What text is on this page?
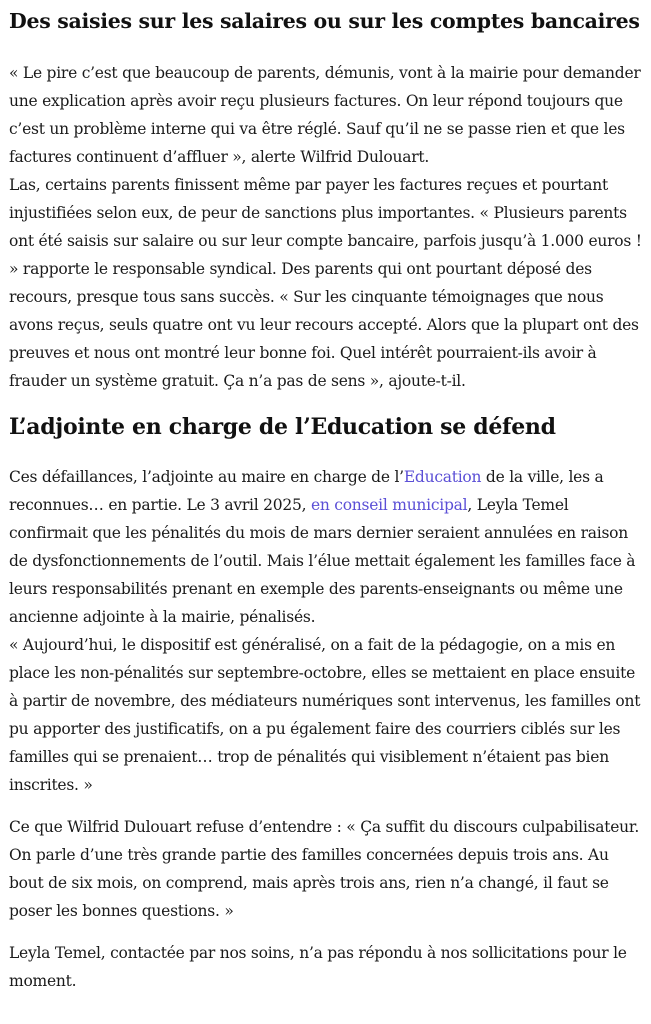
Des saisies sur les salaires ou sur les comptes bancaires

« Le pire c’est que beaucoup de parents, démunis, vont à la mairie pour demander une explication après avoir reçu plusieurs factures. On leur répond toujours que c’est un problème interne qui va être réglé. Sauf qu’il ne se passe rien et que les factures continuent d’affluer », alerte Wilfrid Dulouart.

Las, certains parents finissent même par payer les factures reçues et pourtant injustifiées selon eux, de peur de sanctions plus importantes. « Plusieurs parents ont été saisis sur salaire ou sur leur compte bancaire, parfois jusqu’à 1.000 euros ! » rapporte le responsable syndical. Des parents qui ont pourtant déposé des recours, presque tous sans succès. « Sur les cinquante témoignages que nous avons reçus, seuls quatre ont vu leur recours accepté. Alors que la plupart ont des preuves et nous ont montré leur bonne foi. Quel intérêt pourraient-ils avoir à frauder un système gratuit. Ça n’a pas de sens », ajoute-t-il.

L’adjointe en charge de l’Education se défend

Ces défaillances, l’adjointe au maire en charge de l’Education de la ville, les a reconnues… en partie. Le 3 avril 2025, en conseil municipal, Leyla Temel confirmait que les pénalités du mois de mars dernier seraient annulées en raison de dysfonctionnements de l’outil. Mais l’élue mettait également les familles face à leurs responsabilités prenant en exemple des parents-enseignants ou même une ancienne adjointe à la mairie, pénalisés.

« Aujourd’hui, le dispositif est généralisé, on a fait de la pédagogie, on a mis en place les non-pénalités sur septembre-octobre, elles se mettaient en place ensuite à partir de novembre, des médiateurs numériques sont intervenus, les familles ont pu apporter des justificatifs, on a pu également faire des courriers ciblés sur les familles qui se prenaient… trop de pénalités qui visiblement n’étaient pas bien inscrites. »

Ce que Wilfrid Dulouart refuse d’entendre : « Ça suffit du discours culpabilisateur. On parle d’une très grande partie des familles concernées depuis trois ans. Au bout de six mois, on comprend, mais après trois ans, rien n’a changé, il faut se poser les bonnes questions. »

Leyla Temel, contactée par nos soins, n’a pas répondu à nos sollicitations pour le moment.
